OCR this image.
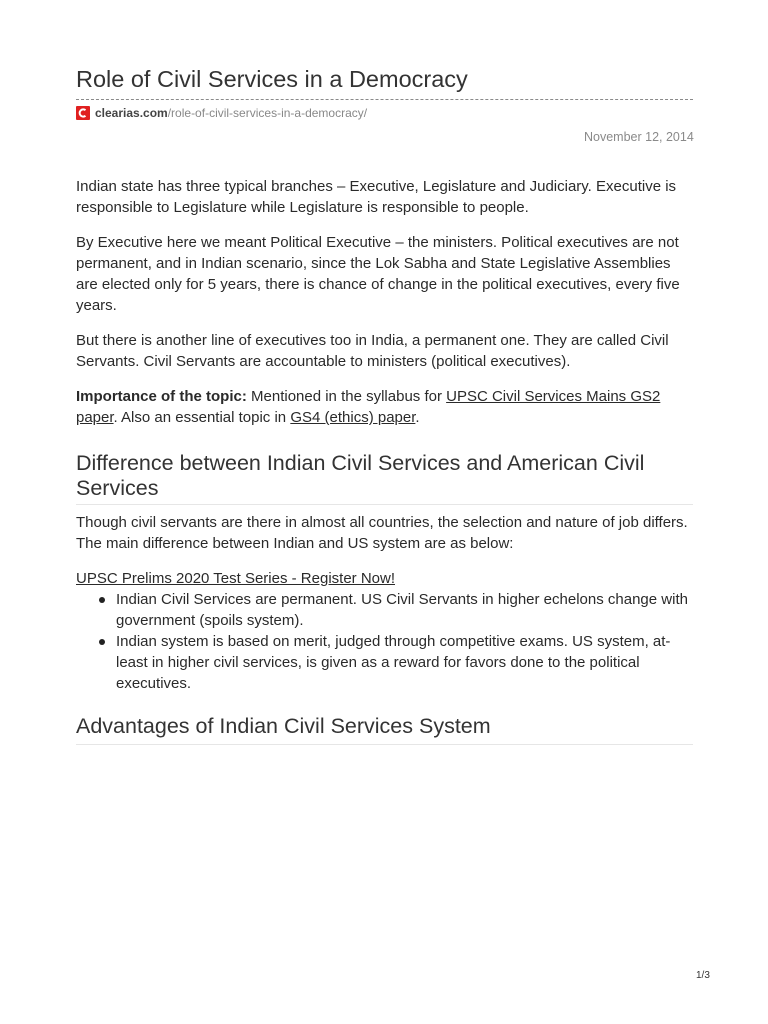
Role of Civil Services in a Democracy
clearias.com /role-of-civil-services-in-a-democracy/
November 12, 2014

Indian state has three typical branches – Executive, Legislature and Judiciary. Executive is responsible to Legislature while Legislature is responsible to people.

By Executive here we meant Political Executive – the ministers. Political executives are not permanent, and in Indian scenario, since the Lok Sabha and State Legislative Assemblies are elected only for 5 years, there is chance of change in the political executives, every five years.

But there is another line of executives too in India, a permanent one. They are called Civil Servants. Civil Servants are accountable to ministers (political executives).

Importance of the topic: Mentioned in the syllabus for UPSC Civil Services Mains GS2 paper. Also an essential topic in GS4 (ethics) paper.

Difference between Indian Civil Services and American Civil Services

Though civil servants are there in almost all countries, the selection and nature of job differs. The main difference between Indian and US system are as below:

UPSC Prelims 2020 Test Series - Register Now!

Indian Civil Services are permanent. US Civil Servants in higher echelons change with government (spoils system).
Indian system is based on merit, judged through competitive exams. US system, at-least in higher civil services, is given as a reward for favors done to the political executives.
Advantages of Indian Civil Services System
1/3
